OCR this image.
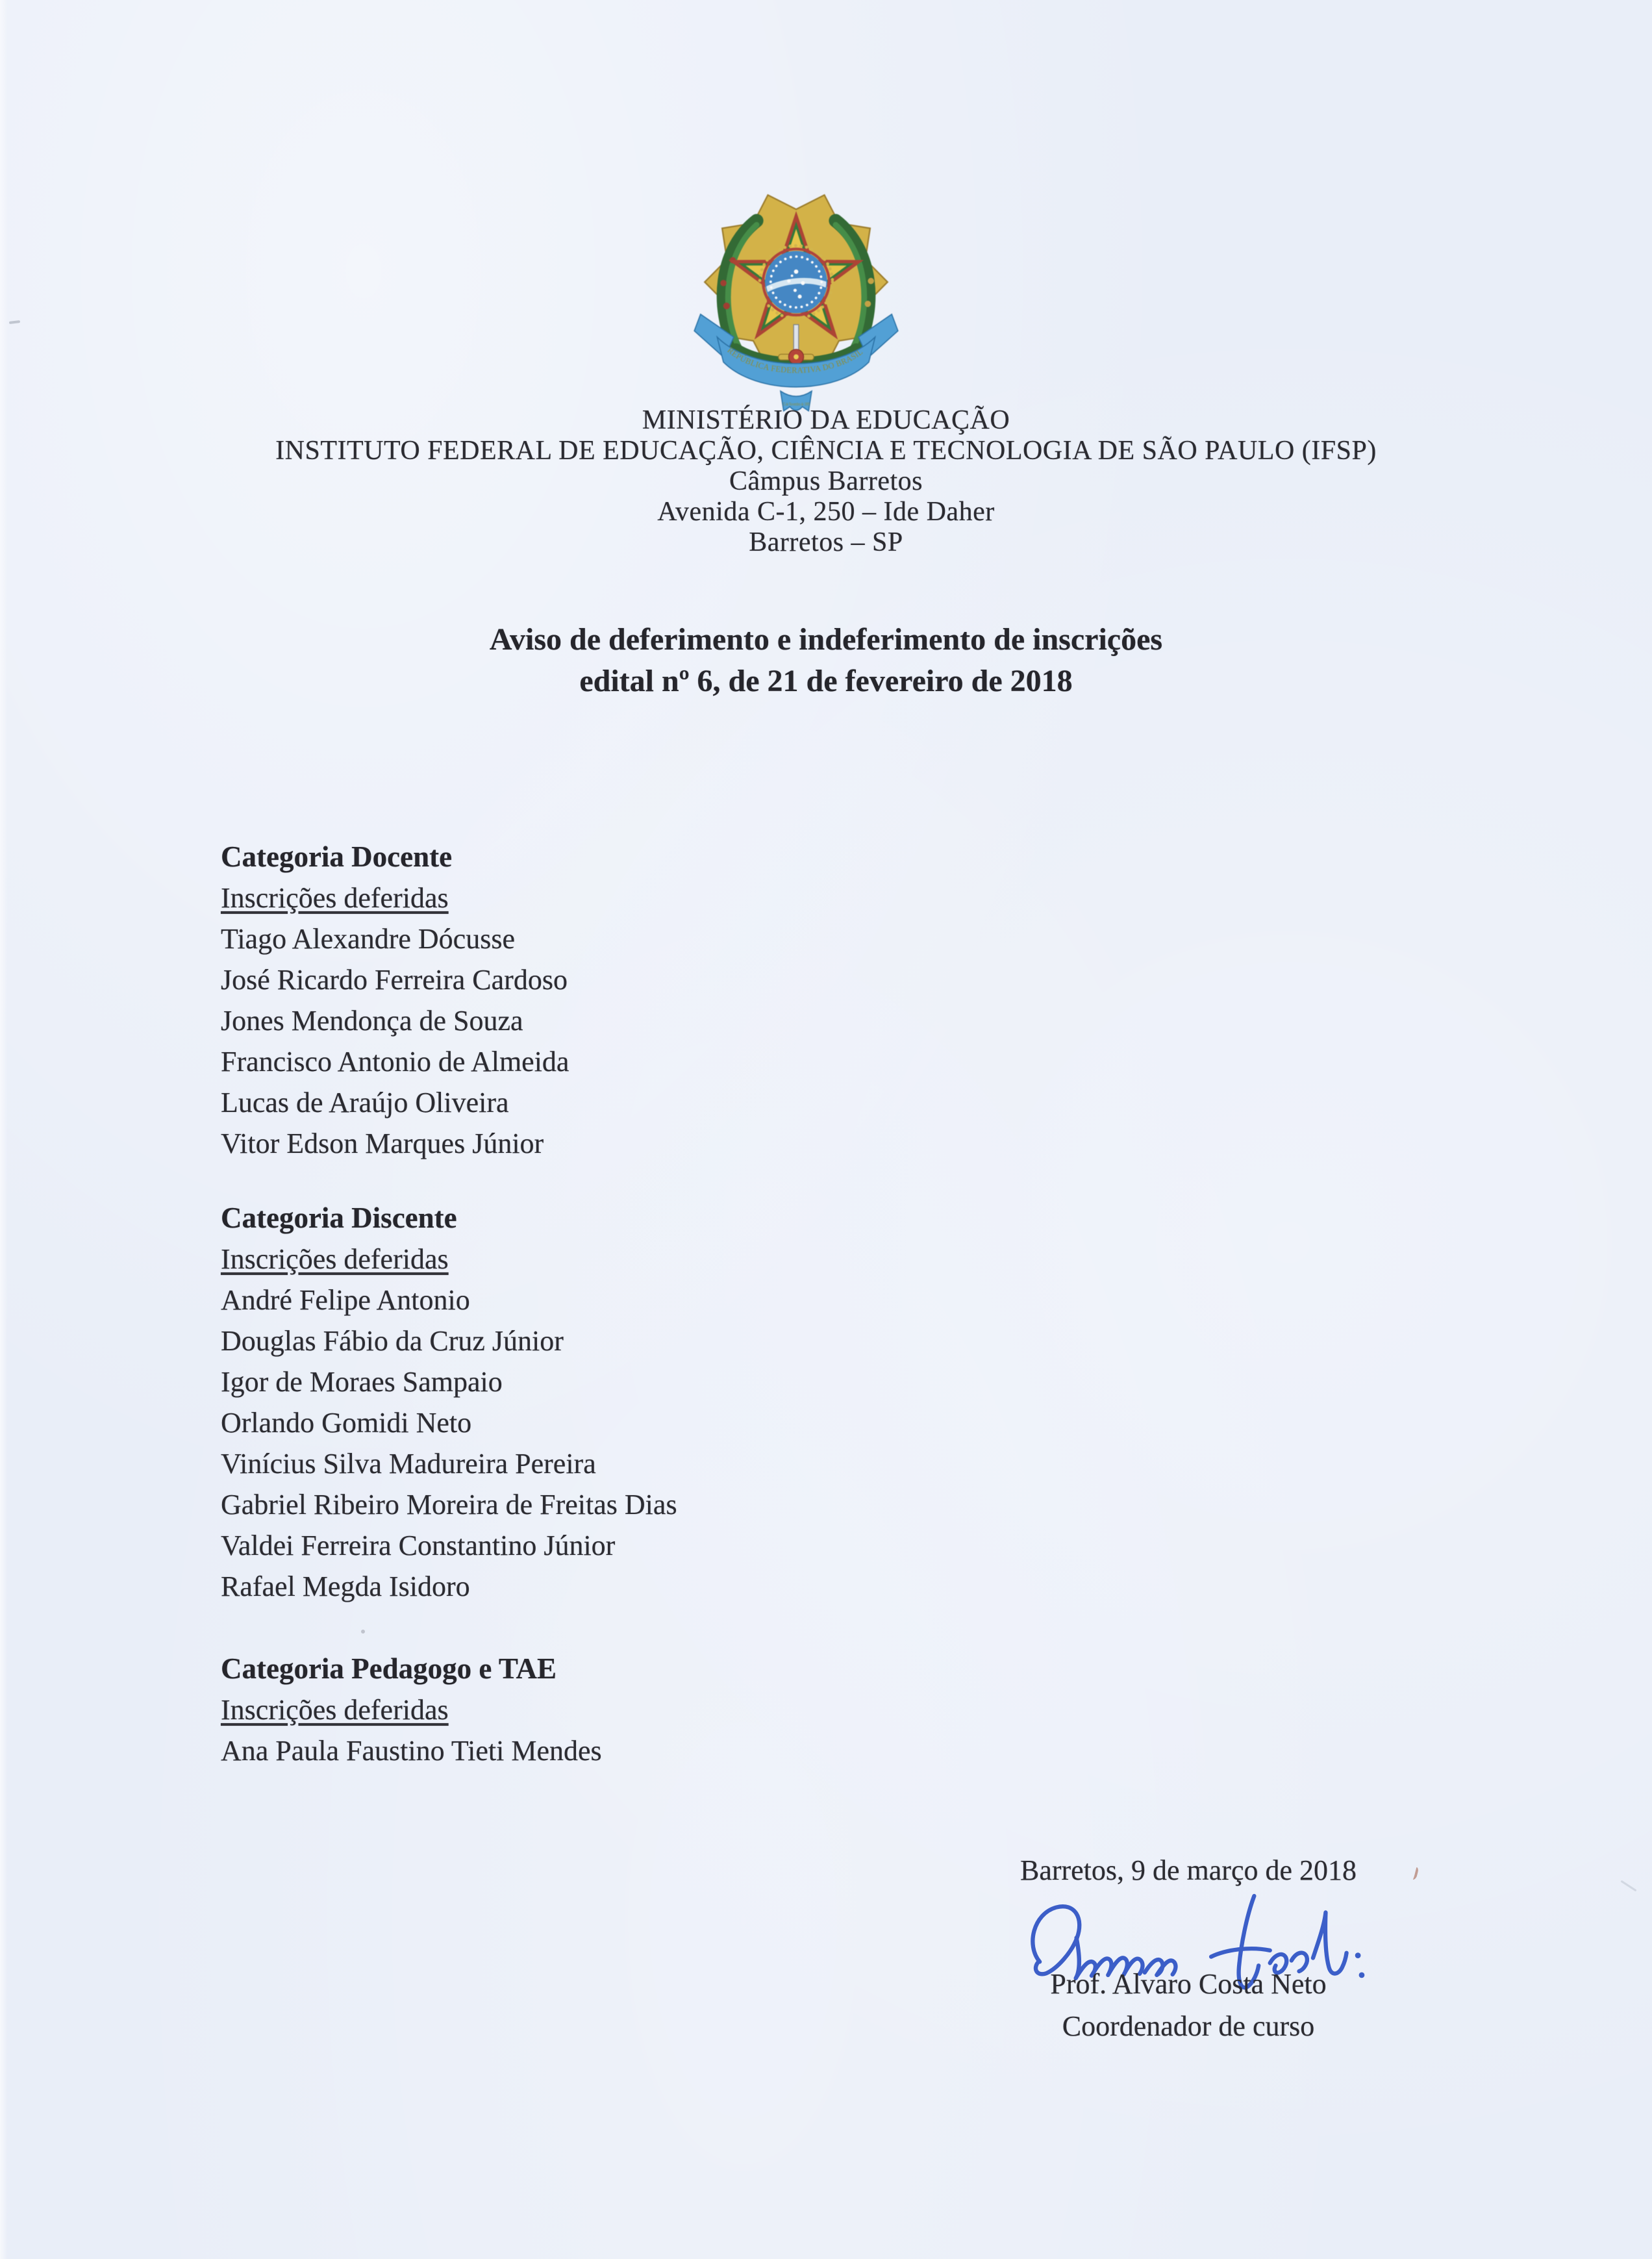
REPÚBLICA FEDERATIVA DO BRASIL
15 de Novembro de 1889
MINISTÉRIO DA EDUCAÇÃO
INSTITUTO FEDERAL DE EDUCAÇÃO, CIÊNCIA E TECNOLOGIA DE SÃO PAULO (IFSP)
Câmpus Barretos
Avenida C-1, 250 – Ide Daher
Barretos – SP
Aviso de deferimento e indeferimento de inscrições
edital nº 6, de 21 de fevereiro de 2018
Categoria Docente
Inscrições deferidas
Tiago Alexandre Dócusse
José Ricardo Ferreira Cardoso
Jones Mendonça de Souza
Francisco Antonio de Almeida
Lucas de Araújo Oliveira
Vitor Edson Marques Júnior
Categoria Discente
Inscrições deferidas
André Felipe Antonio
Douglas Fábio da Cruz Júnior
Igor de Moraes Sampaio
Orlando Gomidi Neto
Vinícius Silva Madureira Pereira
Gabriel Ribeiro Moreira de Freitas Dias
Valdei Ferreira Constantino Júnior
Rafael Megda Isidoro
Categoria Pedagogo e TAE
Inscrições deferidas
Ana Paula Faustino Tieti Mendes
Barretos, 9 de março de 2018
Prof. Alvaro Costa Neto
Coordenador de curso
